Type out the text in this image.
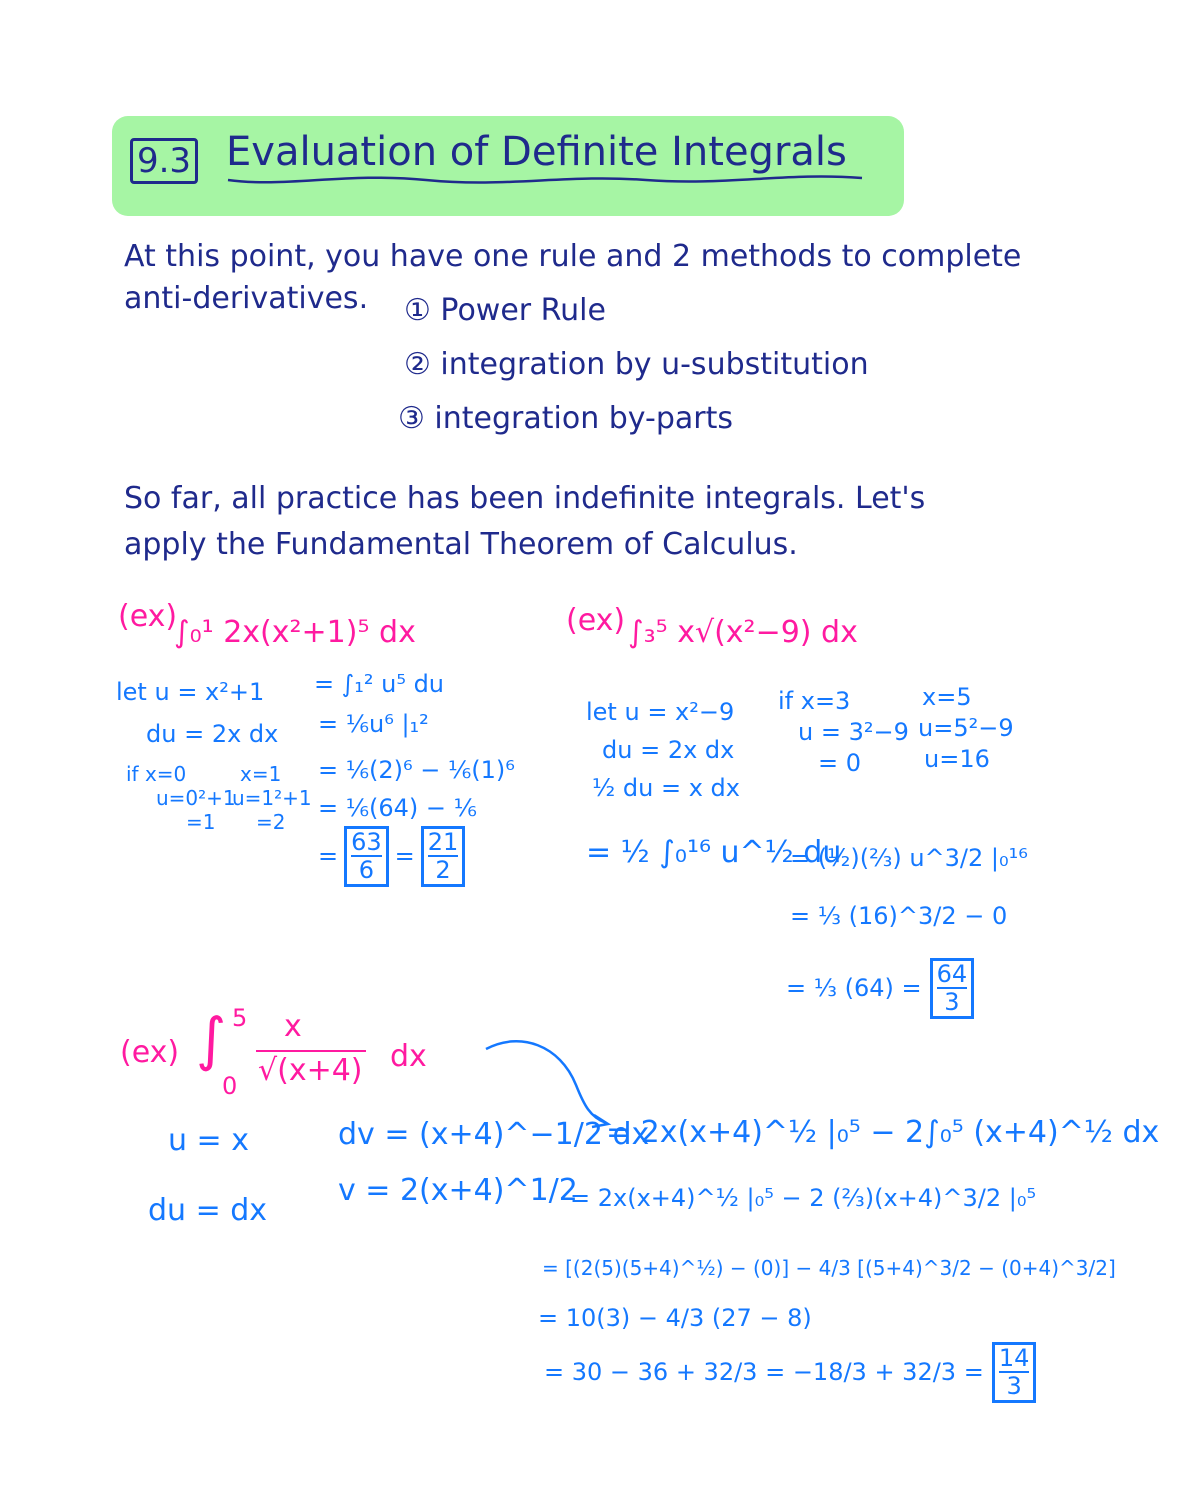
9.3 Evaluation of Definite Integrals
At this point, you have one rule and 2 methods to complete
anti-derivatives. ① Power Rule
② integration by u-substitution
③ integration by-parts
So far, all practice has been indefinite integrals. Let's
apply the Fundamental Theorem of Calculus.
(ex)
∫₀¹ 2x(x²+1)⁵ dx
let u = x²+1
du = 2x dx
if x=0
u=0²+1
=1
x=1
u=1²+1
=2
= ∫₁² u⁵ du
= ⅙u⁶ |₁²
= ⅙(2)⁶ − ⅙(1)⁶
= ⅙(64) − ⅙
= $\frac{63}{6} = \frac{21}{2}$
(ex) ∫₃⁵ x√(x²−9) dx
let u = x²−9
du = 2x dx
½ du = x dx
if x=3
u = 3²−9
= 0
x=5
u=5²−9
u=16
= ½ ∫₀¹⁶ u^½ du
= (½)(⅔) u^3/2 |₀¹⁶
= ⅓ (16)^3/2 − 0
= ⅓ $(64) = \frac{64}{3}$
(ex) ∫ 5
0
x
√(x+4) dx
u = x
du = dx
dv = (x+4)^−1/2 dx
v = 2(x+4)^1/2
= 2x(x+4)^½ |₀⁵ − 2∫₀⁵ (x+4)^½ dx
= 2x(x+4)^½ |₀⁵ − 2 (⅔)(x+4)^3/2 |₀⁵
= [(2(5)(5+4)^½) − (0)] − 4/3 [(5+4)^3/2 − (0+4)^3/2]
= 10(3) − 4/3 (27 − 8)
= $30 - 36 + 32/3 = -18/3 + 32/3 = \frac{14}{3}$
